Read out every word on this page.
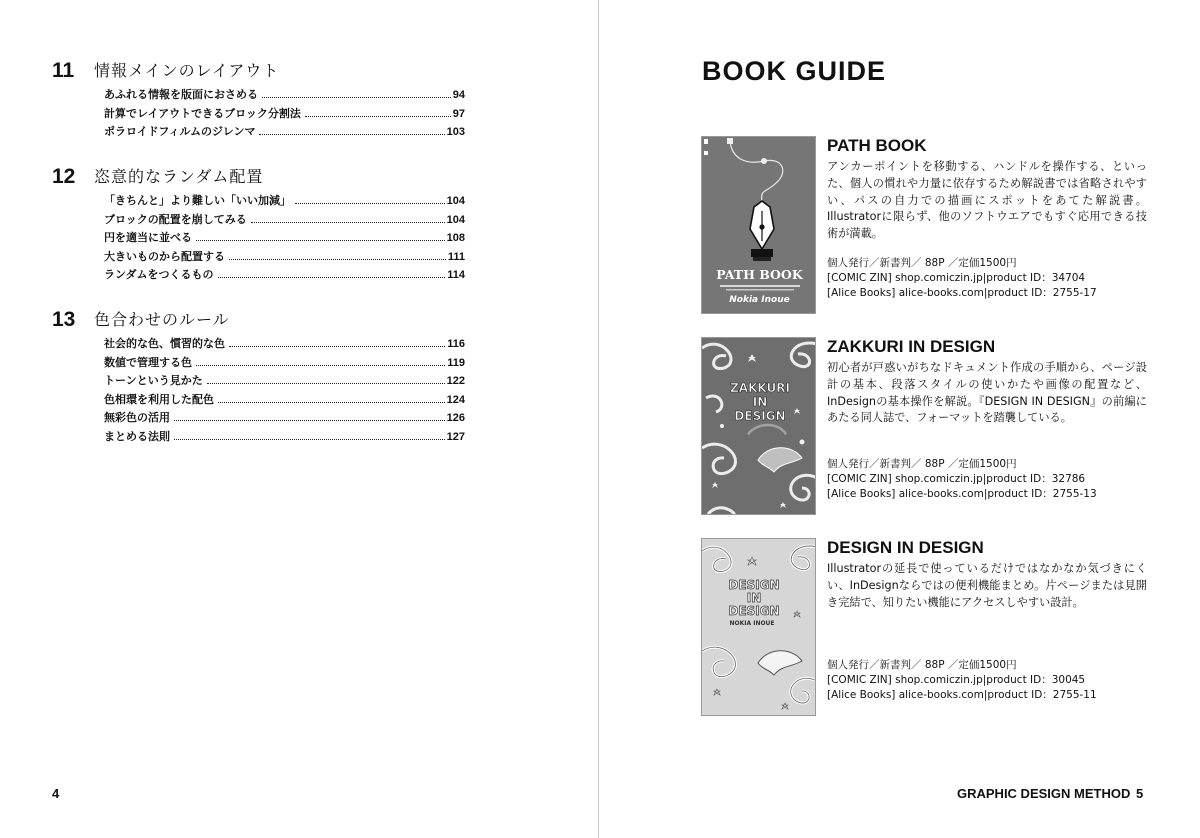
11 情報メインのレイアウト
あふれる情報を版面におさめる	94
計算でレイアウトできるブロック分割法	97
ポラロイドフィルムのジレンマ	103
12 恣意的なランダム配置
「きちんと」より難しい「いい加減」	104
ブロックの配置を崩してみる	104
円を適当に並べる	108
大きいものから配置する	111
ランダムをつくるもの	114
13 色合わせのルール
社会的な色、慣習的な色	116
数値で管理する色	119
トーンという見かた	122
色相環を利用した配色	124
無彩色の活用	126
まとめる法則	127
4
BOOK GUIDE
PATH BOOK
Nokia Inoue
PATH BOOK

アンカーポイントを移動する、ハンドルを操作する、といった、個人の慣れや力量に依存するため解説書では省略されやすい、パスの自力での描画にスポットをあてた解説書。Illustratorに限らず、他のソフトウエアでもすぐ応用できる技術が満載。

個人発行／新書判／ 88P ／定価1500円
[COMIC ZIN] shop.comiczin.jp|product ID：34704
[Alice Books] alice-books.com|product ID：2755-17
ZAKKURI
IN
DESIGN
ZAKKURI IN DESIGN

初心者が戸惑いがちなドキュメント作成の手順から、ページ設計の基本、段落スタイルの使いかたや画像の配置など、InDesignの基本操作を解説。『DESIGN IN DESIGN』の前編にあたる同人誌で、フォーマットを踏襲している。

個人発行／新書判／ 88P ／定価1500円
[COMIC ZIN] shop.comiczin.jp|product ID：32786
[Alice Books] alice-books.com|product ID：2755-13
DESIGN
IN
DESIGN
NOKIA INOUE
DESIGN IN DESIGN

Illustratorの延長で使っているだけではなかなか気づきにくい、InDesignならではの便利機能まとめ。片ページまたは見開き完結で、知りたい機能にアクセスしやすい設計。

個人発行／新書判／ 88P ／定価1500円
[COMIC ZIN] shop.comiczin.jp|product ID：30045
[Alice Books] alice-books.com|product ID：2755-11
GRAPHIC DESIGN METHOD 5
